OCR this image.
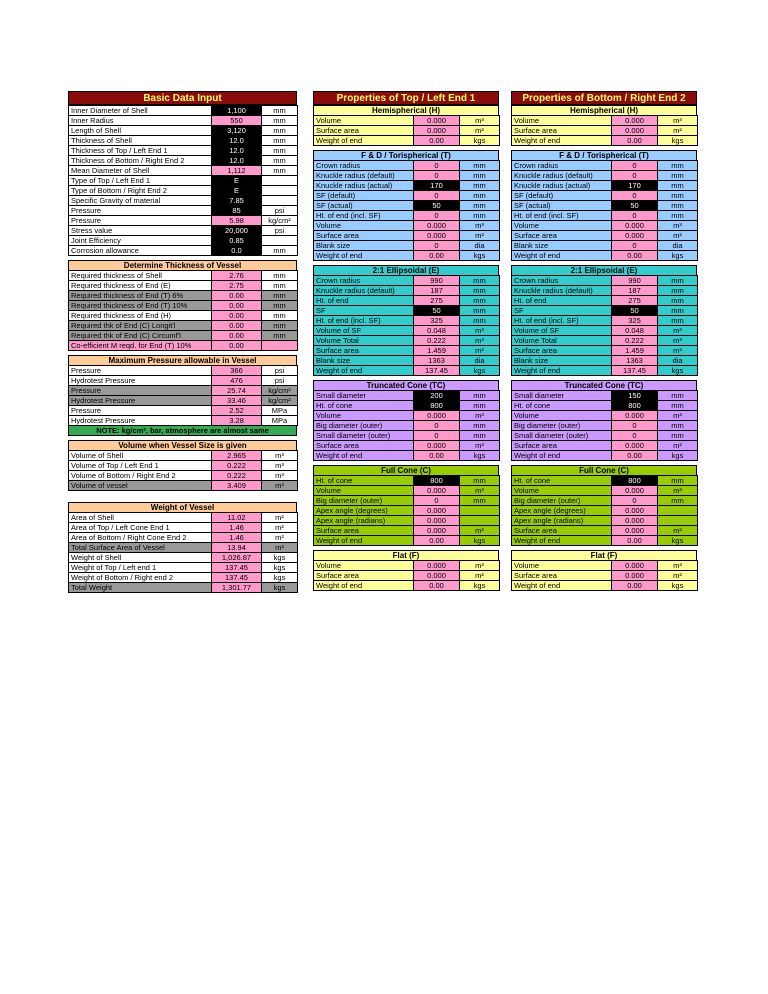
Basic Data Input
Inner Diameter of Shell	1,100	mm
Inner Radius	550	mm
Length of Shell	3,120	mm
Thickness of Shell	12.0	mm
Thickness of Top / Left End 1	12.0	mm
Thickness of Bottom / Right End 2	12.0	mm
Mean Diameter of Shell	1,112	mm
Type of Top / Left End 1	E	
Type of Bottom / Right End 2	E	
Specific Gravity of material	7.85	
Pressure	85	psi
Pressure	5.98	kg/cm²
Stress value	20,000	psi
Joint Efficiency	0.85	
Corrosion allowance	0.0	mm
Determine Thickness of Vessel
Required thickness of Shell	2.76	mm
Required thickness of End (E)	2.75	mm
Required thickness of End (T) 6%	0.00	mm
Required thickness of End (T) 10%	0.00	mm
Required thickness of End (H)	0.00	mm
Required thk of End (C) Longit'l	0.00	mm
Required thk of End (C) Circumf'l	0.00	mm
Co-efficient M reqd. for End (T) 10%	0.00	
Maximum Pressure allowable in Vessel
Pressure	366	psi
Hydrotest Pressure	476	psi
Pressure	25.74	kg/cm²
Hydrotest Pressure	33.46	kg/cm²
Pressure	2.52	MPa
Hydrotest Pressure	3.28	MPa
NOTE: kg/cm², bar, atmosphere are almost same
Volume when Vessel Size is given
Volume of Shell	2.965	m³
Volume of Top / Left End 1	0.222	m³
Volume of Bottom / Right End 2	0.222	m³
Volume of vessel	3.409	m³
Weight of Vessel
Area of Shell	11.02	m²
Area of Top / Left Cone End 1	1.46	m²
Area of Bottom / Right Cone End 2	1.46	m²
Total Surface Area of Vessel	13.94	m²
Weight of Shell	1,026.87	kgs
Weight of Top / Left end 1	137.45	kgs
Weight of Bottom / Right end 2	137.45	kgs
Total Weight	1,301.77	kgs
Properties of Top / Left End 1
Hemispherical (H)
Volume	0.000	m³
Surface area	0.000	m²
Weight of end	0.00	kgs
F & D / Torispherical (T)
Crown radius	0	mm
Knuckle radius (default)	0	mm
Knuckle radius (actual)	170	mm
SF (default)	0	mm
SF (actual)	50	mm
Ht. of end (incl. SF)	0	mm
Volume	0.000	m³
Surface area	0.000	m²
Blank size	0	dia
Weight of end	0.00	kgs
2:1 Ellipsoidal (E)
Crown radius	990	mm
Knuckle radius (default)	187	mm
Ht. of end	275	mm
SF	50	mm
Ht. of end (incl. SF)	325	mm
Volume of SF	0.048	m³
Volume Total	0.222	m³
Surface area	1.459	m²
Blank size	1363	dia
Weight of end	137.45	kgs
Truncated Cone (TC)
Small diameter	200	mm
Ht. of cone	800	mm
Volume	0.000	m³
Big diameter (outer)	0	mm
Small diameter (outer)	0	mm
Surface area	0.000	m²
Weight of end	0.00	kgs
Full Cone (C)
Ht. of cone	800	mm
Volume	0.000	m³
Big diameter (outer)	0	mm
Apex angle (degrees)	0.000	
Apex angle (radians)	0.000	
Surface area	0.000	m²
Weight of end	0.00	kgs
Flat (F)
Volume	0.000	m³
Surface area	0.000	m²
Weight of end	0.00	kgs
Properties of Bottom / Right End 2
Hemispherical (H)
Volume	0.000	m³
Surface area	0.000	m²
Weight of end	0.00	kgs
F & D / Torispherical (T)
Crown radius	0	mm
Knuckle radius (default)	0	mm
Knuckle radius (actual)	170	mm
SF (default)	0	mm
SF (actual)	50	mm
Ht. of end (incl. SF)	0	mm
Volume	0.000	m³
Surface area	0.000	m²
Blank size	0	dia
Weight of end	0.00	kgs
2:1 Ellipsoidal (E)
Crown radius	990	mm
Knuckle radius (default)	187	mm
Ht. of end	275	mm
SF	50	mm
Ht. of end (incl. SF)	325	mm
Volume of SF	0.048	m³
Volume Total	0.222	m³
Surface area	1.459	m²
Blank size	1363	dia
Weight of end	137.45	kgs
Truncated Cone (TC)
Small diameter	150	mm
Ht. of cone	800	mm
Volume	0.000	m³
Big diameter (outer)	0	mm
Small diameter (outer)	0	mm
Surface area	0.000	m²
Weight of end	0.00	kgs
Full Cone (C)
Ht. of cone	800	mm
Volume	0.000	m³
Big diameter (outer)	0	mm
Apex angle (degrees)	0.000	
Apex angle (radians)	0.000	
Surface area	0.000	m²
Weight of end	0.00	kgs
Flat (F)
Volume	0.000	m³
Surface area	0.000	m²
Weight of end	0.00	kgs
